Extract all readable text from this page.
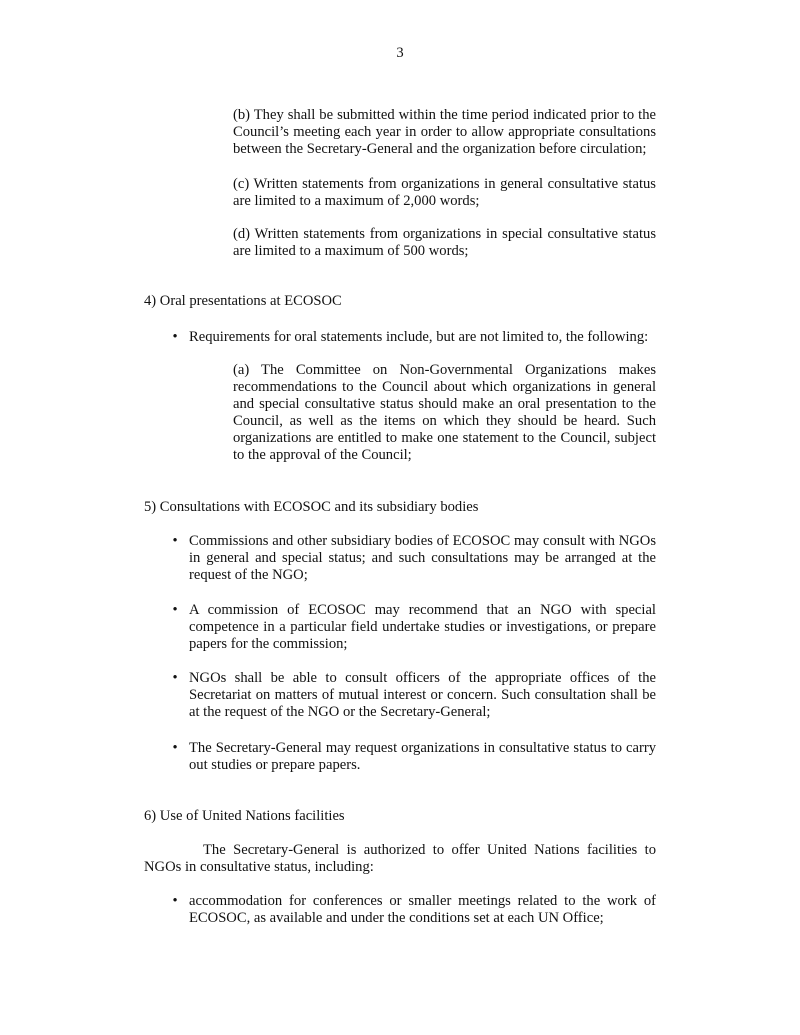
3
(b) They shall be submitted within the time period indicated prior to the Council’s meeting each year in order to allow appropriate consultations between the Secretary-General and the organization before circulation;
(c) Written statements from organizations in general consultative status are limited to a maximum of 2,000 words;
(d) Written statements from organizations in special consultative status are limited to a maximum of 500 words;
4) Oral presentations at ECOSOC
• Requirements for oral statements include, but are not limited to, the following:
(a) The Committee on Non-Governmental Organizations makes recommendations to the Council about which organizations in general and special consultative status should make an oral presentation to the Council, as well as the items on which they should be heard. Such organizations are entitled to make one statement to the Council, subject to the approval of the Council;
5) Consultations with ECOSOC and its subsidiary bodies
• Commissions and other subsidiary bodies of ECOSOC may consult with NGOs in general and special status; and such consultations may be arranged at the request of the NGO;
• A commission of ECOSOC may recommend that an NGO with special competence in a particular field undertake studies or investigations, or prepare papers for the commission;
• NGOs shall be able to consult officers of the appropriate offices of the Secretariat on matters of mutual interest or concern. Such consultation shall be at the request of the NGO or the Secretary-General;
• The Secretary-General may request organizations in consultative status to carry out studies or prepare papers.
6) Use of United Nations facilities
The Secretary-General is authorized to offer United Nations facilities to NGOs in consultative status, including:
• accommodation for conferences or smaller meetings related to the work of ECOSOC, as available and under the conditions set at each UN Office;
